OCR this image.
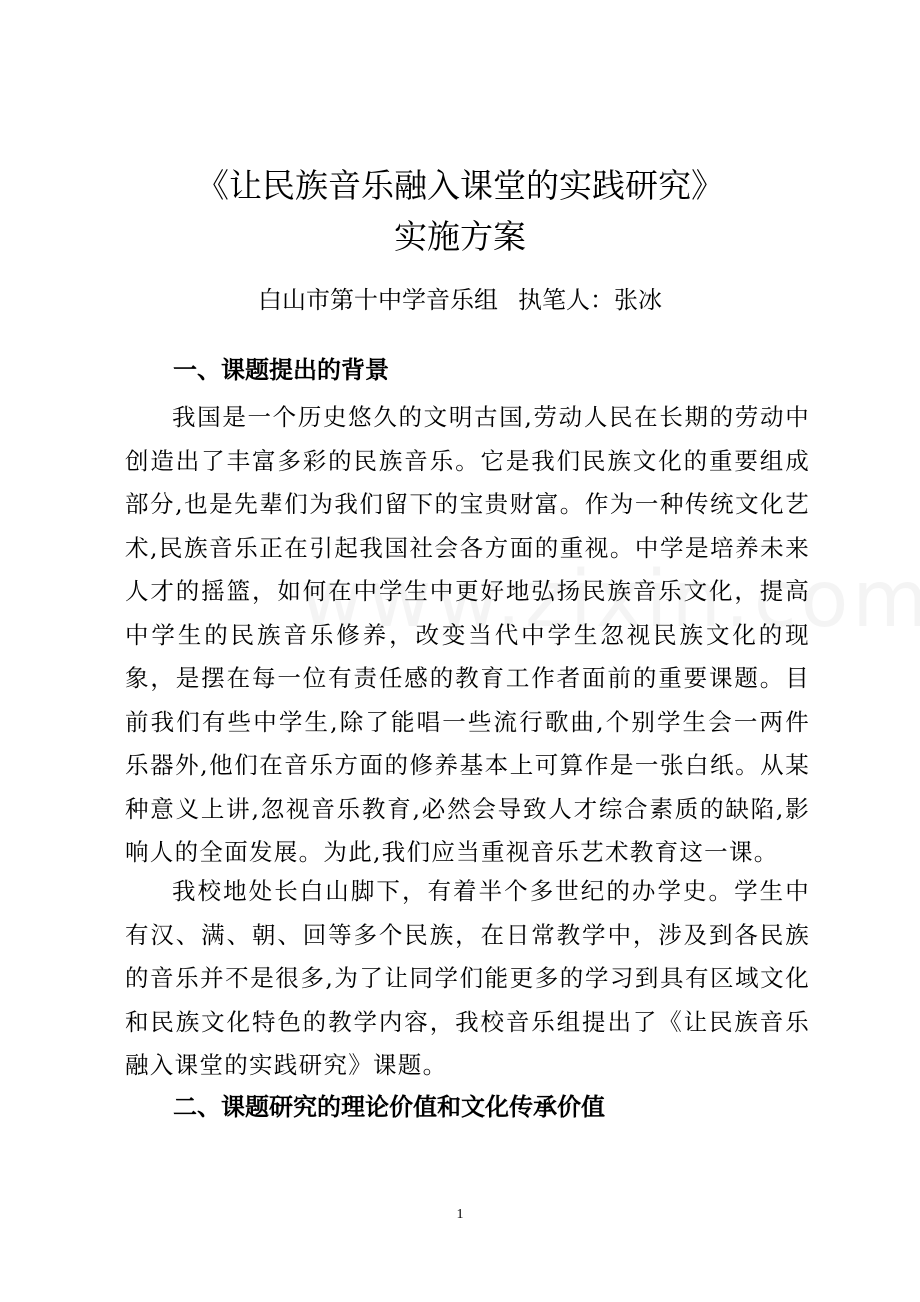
《让民族音乐融入课堂的实践研究》
实施方案
白山市第十中学音乐组 执笔人：张冰
一、课题提出的背景

我国是一个历史悠久的文明古国,劳动人民在长期的劳动中创造出了丰富多彩的民族音乐。它是我们民族文化的重要组成部分,也是先辈们为我们留下的宝贵财富。作为一种传统文化艺术,民族音乐正在引起我国社会各方面的重视。中学是培养未来人才的摇篮，如何在中学生中更好地弘扬民族音乐文化，提高中学生的民族音乐修养，改变当代中学生忽视民族文化的现象，是摆在每一位有责任感的教育工作者面前的重要课题。目前我们有些中学生,除了能唱一些流行歌曲,个别学生会一两件乐器外,他们在音乐方面的修养基本上可算作是一张白纸。从某种意义上讲,忽视音乐教育,必然会导致人才综合素质的缺陷,影响人的全面发展。为此,我们应当重视音乐艺术教育这一课。

我校地处长白山脚下，有着半个多世纪的办学史。学生中有汉、满、朝、回等多个民族，在日常教学中，涉及到各民族的音乐并不是很多,为了让同学们能更多的学习到具有区域文化和民族文化特色的教学内容，我校音乐组提出了《让民族音乐融入课堂的实践研究》课题。

二、课题研究的理论价值和文化传承价值
1
